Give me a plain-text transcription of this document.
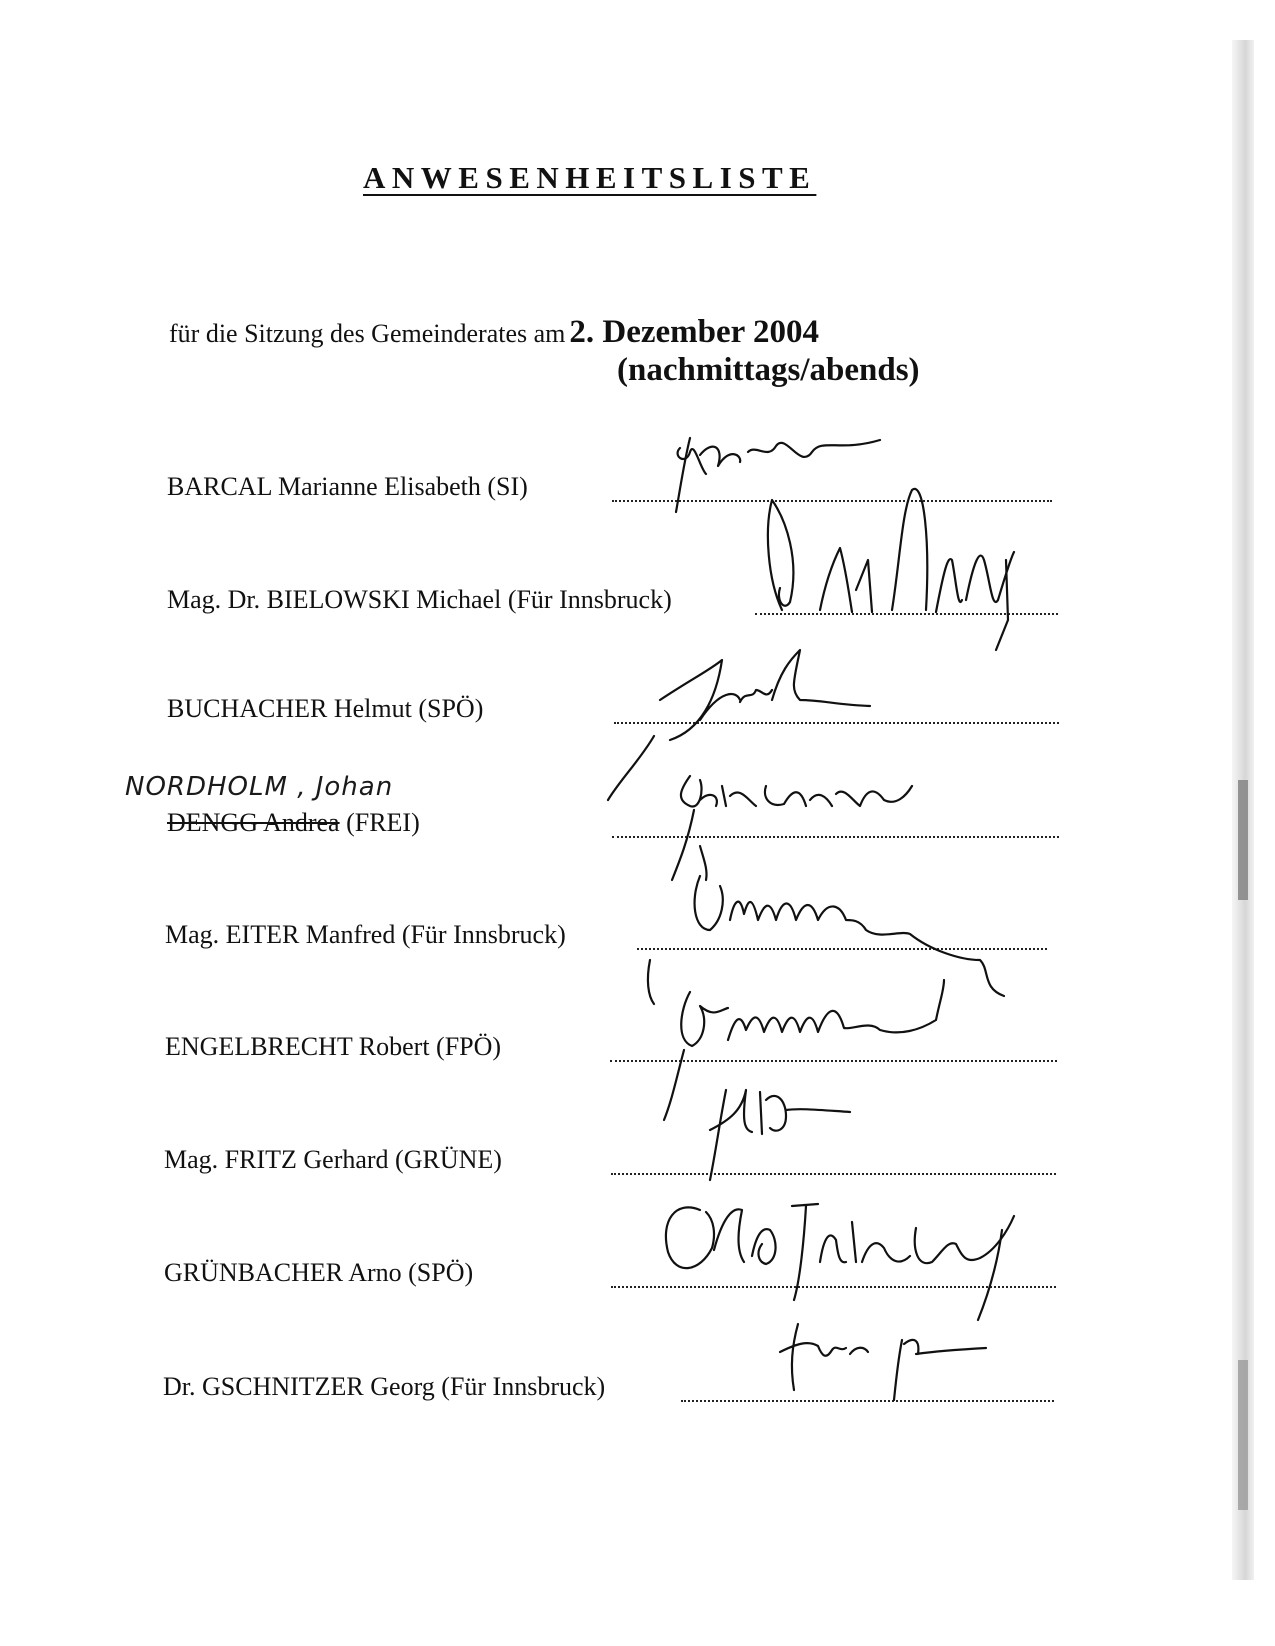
ANWESENHEITSLISTE
für die Sitzung des Gemeinderates am 2. Dezember 2004
(nachmittags/abends)
BARCAL Marianne Elisabeth (SI)
Mag. Dr. BIELOWSKI Michael (Für Innsbruck)
BUCHACHER Helmut (SPÖ)
NORDHOLM , Johan
DENGG Andrea (FREI)
Mag. EITER Manfred (Für Innsbruck)
ENGELBRECHT Robert (FPÖ)
Mag. FRITZ Gerhard (GRÜNE)
GRÜNBACHER Arno (SPÖ)
Dr. GSCHNITZER Georg (Für Innsbruck)
